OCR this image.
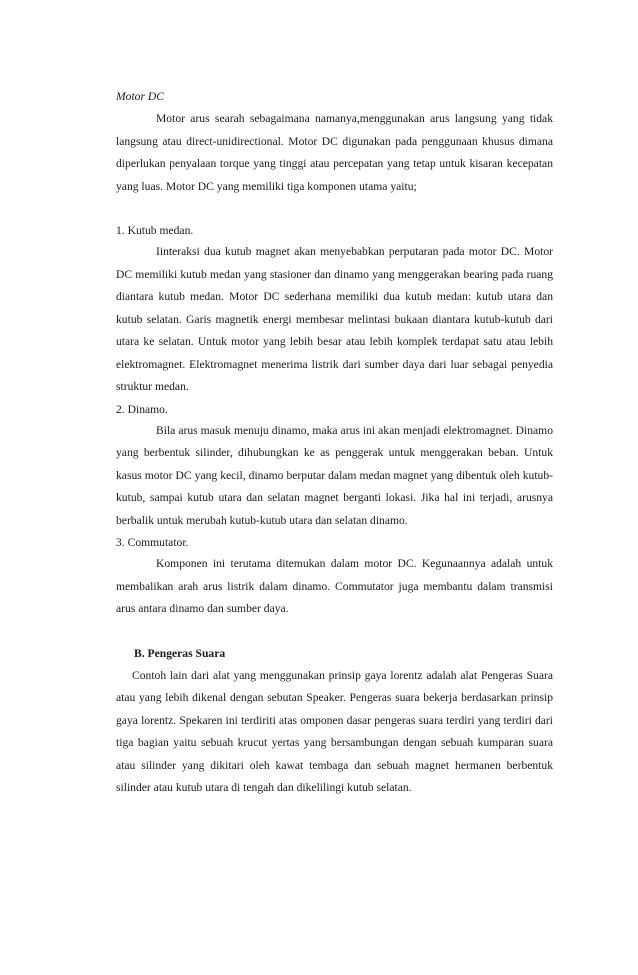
Motor DC

Motor arus searah sebagaimana namanya,menggunakan arus langsung yang tidak langsung atau direct-unidirectional. Motor DC digunakan pada penggunaan khusus dimana diperlukan penyalaan torque yang tinggi atau percepatan yang tetap untuk kisaran kecepatan yang luas. Motor DC yang memiliki tiga komponen utama yaitu;

1. Kutub medan.

Iinteraksi dua kutub magnet akan menyebabkan perputaran pada motor DC. Motor DC memiliki kutub medan yang stasioner dan dinamo yang menggerakan bearing pada ruang diantara kutub medan. Motor DC sederhana memiliki dua kutub medan: kutub utara dan kutub selatan. Garis magnetik energi membesar melintasi bukaan diantara kutub-kutub dari utara ke selatan. Untuk motor yang lebih besar atau lebih komplek terdapat satu atau lebih elektromagnet. Elektromagnet menerima listrik dari sumber daya dari luar sebagai penyedia struktur medan.

2. Dinamo.

Bila arus masuk menuju dinamo, maka arus ini akan menjadi elektromagnet. Dinamo yang berbentuk silinder, dihubungkan ke as penggerak untuk menggerakan beban. Untuk kasus motor DC yang kecil, dinamo berputar dalam medan magnet yang dibentuk oleh kutub-kutub, sampai kutub utara dan selatan magnet berganti lokasi. Jika hal ini terjadi, arusnya berbalik untuk merubah kutub-kutub utara dan selatan dinamo.

3. Commutator.

Komponen ini terutama ditemukan dalam motor DC. Kegunaannya adalah untuk membalikan arah arus listrik dalam dinamo. Commutator juga membantu dalam transmisi arus antara dinamo dan sumber daya.

B. Pengeras Suara

Contoh lain dari alat yang menggunakan prinsip gaya lorentz adalah alat Pengeras Suara atau yang lebih dikenal dengan sebutan Speaker. Pengeras suara bekerja berdasarkan prinsip gaya lorentz. Spekaren ini terdiriti atas omponen dasar pengeras suara terdiri yang terdiri dari tiga bagian yaitu sebuah krucut yertas yang bersambungan dengan sebuah kumparan suara atau silinder yang dikitari oleh kawat tembaga dan sebuah magnet hermanen berbentuk silinder atau kutub utara di tengah dan dikelilingi kutub selatan.
